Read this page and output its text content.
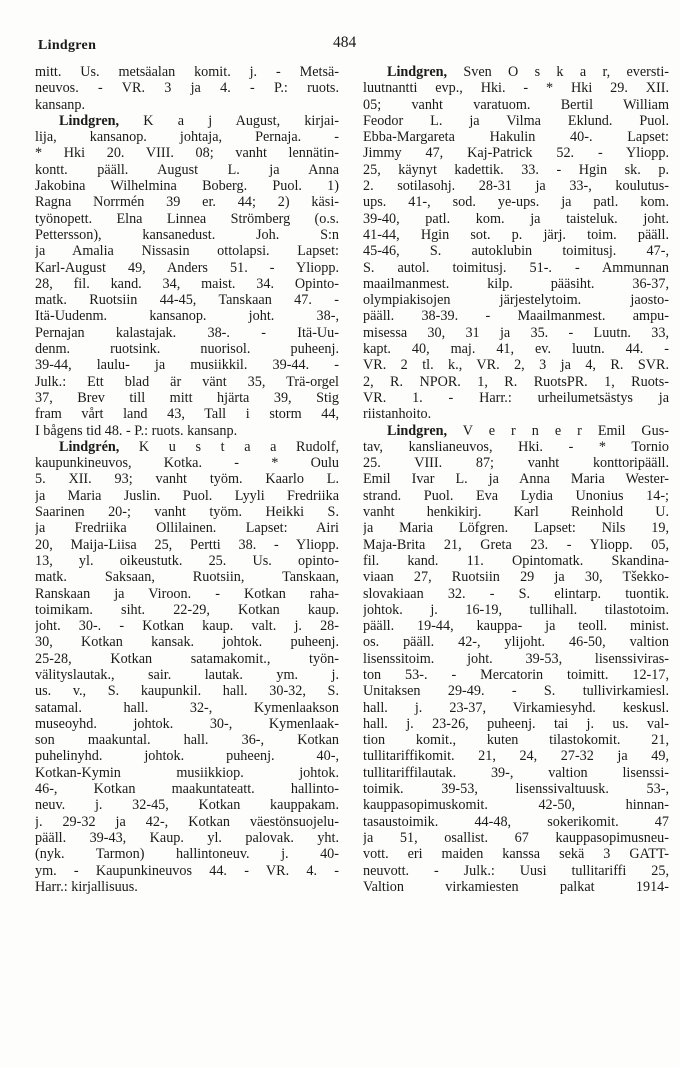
Lindgren	484
mitt. Us. metsäalan komit. j. - Metsä-
neuvos. - VR. 3 ja 4. - P.: ruots.
kansanp.
Lindgren, K a j August, kirjai-
lija, kansanop. johtaja, Pernaja. -
* Hki 20. VIII. 08; vanht lennätin-
kontt. pääll. August L. ja Anna
Jakobina Wilhelmina Boberg. Puol. 1)
Ragna Norrmén 39 er. 44; 2) käsi-
työnopett. Elna Linnea Strömberg (o.s.
Pettersson), kansanedust. Joh. S:n
ja Amalia Nissasin ottolapsi. Lapset:
Karl-August 49, Anders 51. - Yliopp.
28, fil. kand. 34, maist. 34. Opinto-
matk. Ruotsiin 44-45, Tanskaan 47. -
Itä-Uudenm. kansanop. joht. 38-,
Pernajan kalastajak. 38-. - Itä-Uu-
denm. ruotsink. nuorisol. puheenj.
39-44, laulu- ja musiikkil. 39-44. -
Julk.: Ett blad är vänt 35, Trä-orgel
37, Brev till mitt hjärta 39, Stig
fram vårt land 43, Tall i storm 44,
I bågens tid 48. - P.: ruots. kansanp.
Lindgrén, K u s t a a Rudolf,
kaupunkineuvos, Kotka. - * Oulu
5. XII. 93; vanht työm. Kaarlo L.
ja Maria Juslin. Puol. Lyyli Fredriika
Saarinen 20-; vanht työm. Heikki S.
ja Fredriika Ollilainen. Lapset: Airi
20, Maija-Liisa 25, Pertti 38. - Yliopp.
13, yl. oikeustutk. 25. Us. opinto-
matk. Saksaan, Ruotsiin, Tanskaan,
Ranskaan ja Viroon. - Kotkan raha-
toimikam. siht. 22-29, Kotkan kaup.
joht. 30-. - Kotkan kaup. valt. j. 28-
30, Kotkan kansak. johtok. puheenj.
25-28, Kotkan satamakomit., työn-
välityslautak., sair. lautak. ym. j.
us. v., S. kaupunkil. hall. 30-32, S.
satamal. hall. 32-, Kymenlaakson
museoyhd. johtok. 30-, Kymenlaak-
son maakuntal. hall. 36-, Kotkan
puhelinyhd. johtok. puheenj. 40-,
Kotkan-Kymin musiikkiop. johtok.
46-, Kotkan maakuntateatt. hallinto-
neuv. j. 32-45, Kotkan kauppakam.
j. 29-32 ja 42-, Kotkan väestönsuojelu-
pääll. 39-43, Kaup. yl. palovak. yht.
(nyk. Tarmon) hallintoneuv. j. 40-
ym. - Kaupunkineuvos 44. - VR. 4. -
Harr.: kirjallisuus.
Lindgren, Sven O s k a r, eversti-
luutnantti evp., Hki. - * Hki 29. XII.
05; vanht varatuom. Bertil William
Feodor L. ja Vilma Eklund. Puol.
Ebba-Margareta Hakulin 40-. Lapset:
Jimmy 47, Kaj-Patrick 52. - Yliopp.
25, käynyt kadettik. 33. - Hgin sk. p.
2. sotilasohj. 28-31 ja 33-, koulutus-
ups. 41-, sod. ye-ups. ja patl. kom.
39-40, patl. kom. ja taisteluk. joht.
41-44, Hgin sot. p. järj. toim. pääll.
45-46, S. autoklubin toimitusj. 47-,
S. autol. toimitusj. 51-. - Ammunnan
maailmanmest. kilp. pääsiht. 36-37,
olympiakisojen järjestelytoim. jaosto-
pääll. 38-39. - Maailmanmest. ampu-
misessa 30, 31 ja 35. - Luutn. 33,
kapt. 40, maj. 41, ev. luutn. 44. -
VR. 2 tl. k., VR. 2, 3 ja 4, R. SVR.
2, R. NPOR. 1, R. RuotsPR. 1, Ruots-
VR. 1. - Harr.: urheilumetsästys ja
riistanhoito.
Lindgren, V e r n e r Emil Gus-
tav, kanslianeuvos, Hki. - * Tornio
25. VIII. 87; vanht konttoripääll.
Emil Ivar L. ja Anna Maria Wester-
strand. Puol. Eva Lydia Unonius 14-;
vanht henkikirj. Karl Reinhold U.
ja Maria Löfgren. Lapset: Nils 19,
Maja-Brita 21, Greta 23. - Yliopp. 05,
fil. kand. 11. Opintomatk. Skandina-
viaan 27, Ruotsiin 29 ja 30, Tšekko-
slovakiaan 32. - S. elintarp. tuontik.
johtok. j. 16-19, tullihall. tilastotoim.
pääll. 19-44, kauppa- ja teoll. minist.
os. pääll. 42-, ylijoht. 46-50, valtion
lisenssitoim. joht. 39-53, lisenssiviras-
ton 53-. - Mercatorin toimitt. 12-17,
Unitaksen 29-49. - S. tullivirkamiesl.
hall. j. 23-37, Virkamiesyhd. keskusl.
hall. j. 23-26, puheenj. tai j. us. val-
tion komit., kuten tilastokomit. 21,
tullitariffikomit. 21, 24, 27-32 ja 49,
tullitariffilautak. 39-, valtion lisenssi-
toimik. 39-53, lisenssivaltuusk. 53-,
kauppasopimuskomit. 42-50, hinnan-
tasaustoimik. 44-48, sokerikomit. 47
ja 51, osallist. 67 kauppasopimusneu-
vott. eri maiden kanssa sekä 3 GATT-
neuvott. - Julk.: Uusi tullitariffi 25,
Valtion virkamiesten palkat 1914-
